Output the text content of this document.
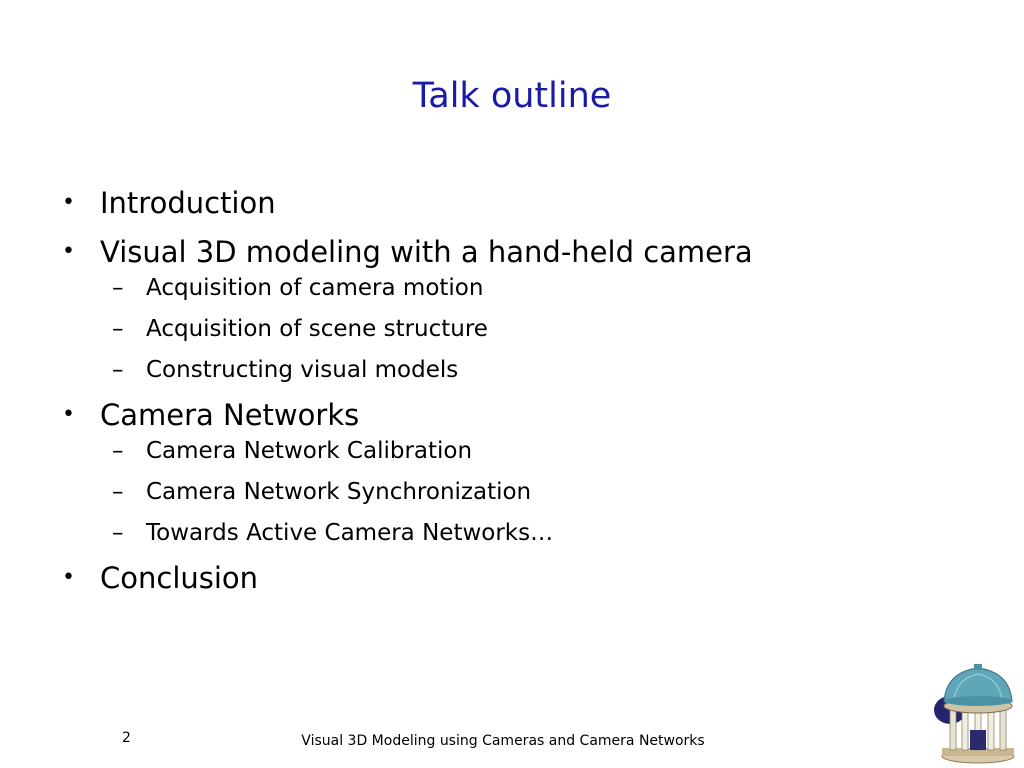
Talk outline
• Introduction
• Visual 3D modeling with a hand-held camera
– Acquisition of camera motion
– Acquisition of scene structure
– Constructing visual models
• Camera Networks
– Camera Network Calibration
– Camera Network Synchronization
– Towards Active Camera Networks…
• Conclusion
2	Visual 3D Modeling using Cameras and Camera Networks
